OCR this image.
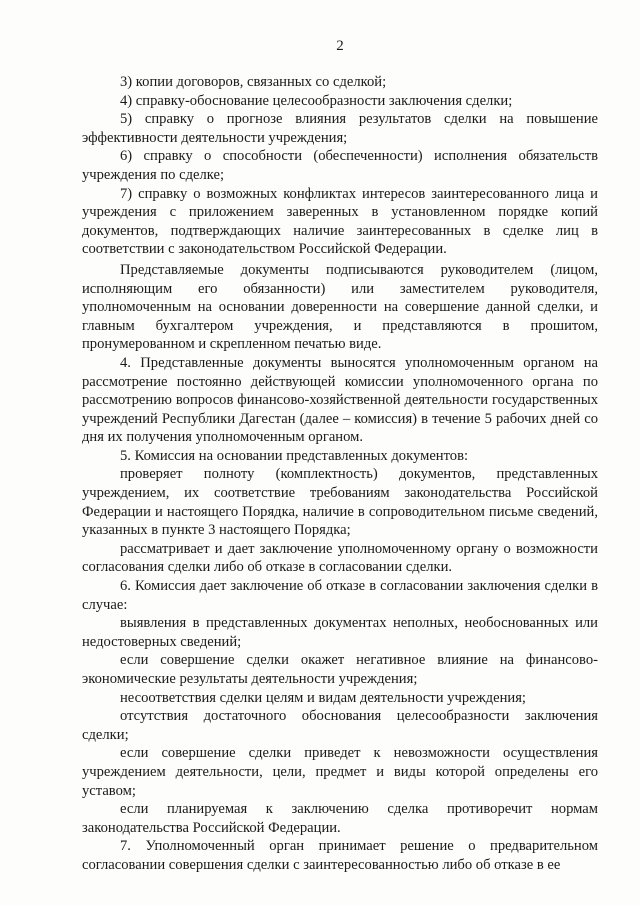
2

3) копии договоров, связанных со сделкой;

4) справку-обоснование целесообразности заключения сделки;

5) справку о прогнозе влияния результатов сделки на повышение эффективности деятельности учреждения;

6) справку о способности (обеспеченности) исполнения обязательств учреждения по сделке;

7) справку о возможных конфликтах интересов заинтересованного лица и учреждения с приложением заверенных в установленном порядке копий документов, подтверждающих наличие заинтересованных в сделке лиц в соответствии с законодательством Российской Федерации.

Представляемые документы подписываются руководителем (лицом, исполняющим его обязанности) или заместителем руководителя, уполномоченным на основании доверенности на совершение данной сделки, и главным бухгалтером учреждения, и представляются в прошитом, пронумерованном и скрепленном печатью виде.

4. Представленные документы выносятся уполномоченным органом на рассмотрение постоянно действующей комиссии уполномоченного органа по рассмотрению вопросов финансово-хозяйственной деятельности государственных учреждений Республики Дагестан (далее – комиссия) в течение 5 рабочих дней со дня их получения уполномоченным органом.

5. Комиссия на основании представленных документов:

проверяет полноту (комплектность) документов, представленных учреждением, их соответствие требованиям законодательства Российской Федерации и настоящего Порядка, наличие в сопроводительном письме сведений, указанных в пункте 3 настоящего Порядка;

рассматривает и дает заключение уполномоченному органу о возможности согласования сделки либо об отказе в согласовании сделки.

6. Комиссия дает заключение об отказе в согласовании заключения сделки в случае:

выявления в представленных документах неполных, необоснованных или недостоверных сведений;

если совершение сделки окажет негативное влияние на финансово-экономические результаты деятельности учреждения;

несоответствия сделки целям и видам деятельности учреждения;

отсутствия достаточного обоснования целесообразности заключения сделки;

если совершение сделки приведет к невозможности осуществления учреждением деятельности, цели, предмет и виды которой определены его уставом;

если планируемая к заключению сделка противоречит нормам законодательства Российской Федерации.

7. Уполномоченный орган принимает решение о предварительном согласовании совершения сделки с заинтересованностью либо об отказе в ее
